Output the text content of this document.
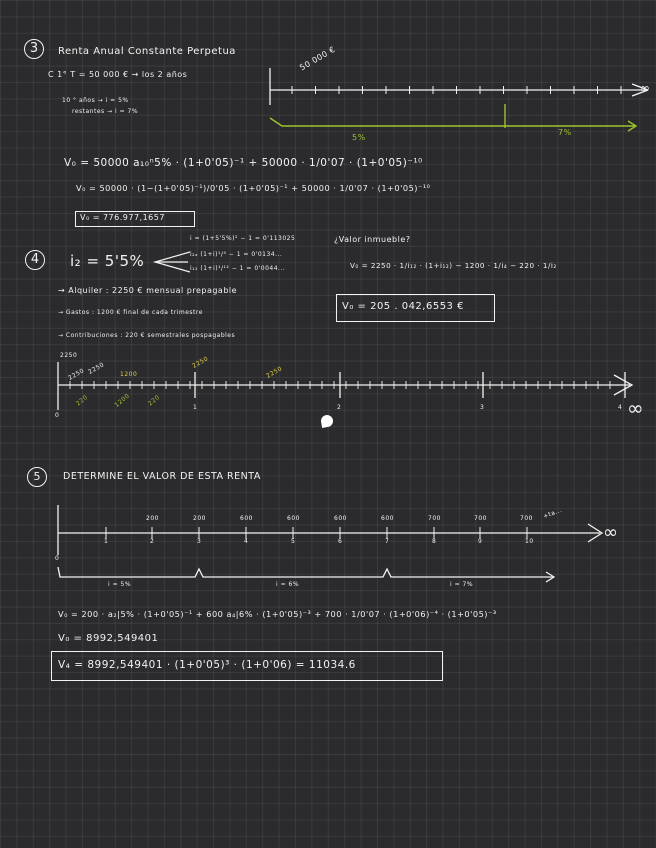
3	Renta Anual Constante Perpetua
C 1° T = 50 000 € → los 2 años
10 ° años → i = 5%
restantes → i = 7%
50 000 €
∞
5%
7%
V₀ = 50000 a₁₀ⁿ5% · (1+0'05)⁻¹ + 50000 · 1/0'07 · (1+0'05)⁻¹⁰
V₀ = 50000 · (1−(1+0'05)⁻¹)/0'05 · (1+0'05)⁻¹ + 50000 · 1/0'07 · (1+0'05)⁻¹⁰
V₀ = 776.977,1657
4	i₂ = 5'5%
i = (1+5'5%)² − 1 = 0'113025
i₂ₐ (1+i)¹/⁴ − 1 = 0'0134...
i₁₂ (1+i)¹/¹² − 1 = 0'0044...
¿Valor inmueble?
V₀ = 2250 · 1/i₁₂ · (1+i₁₂) − 1200 · 1/i₄ − 220 · 1/i₂
→ Alquiler : 2250 € mensual prepagable
→ Gastos : 1200 € final de cada trimestre
→ Contribuciones : 220 € semestrales pospagables
V₀ = 205 . 042,6553 €
2250
2250	1200
220	1200	220
2250
2250
2250
0
1	2	3	4 ∞
5	DETERMINE EL VALOR DE ESTA RENTA
200	200	600	600	600	600	700	700	700
1	2	3	4	5	6	7	8	9	10
+ta...
0
∞
i = 5%	i = 6%	i = 7%
V₀ = 200 · a₂|5% · (1+0'05)⁻¹ + 600 a₄|6% · (1+0'05)⁻³ + 700 · 1/0'07 · (1+0'06)⁻⁴ · (1+0'05)⁻³
V₀ = 8992,549401
V₄ = 8992,549401 · (1+0'05)³ · (1+0'06) = 11034.6
